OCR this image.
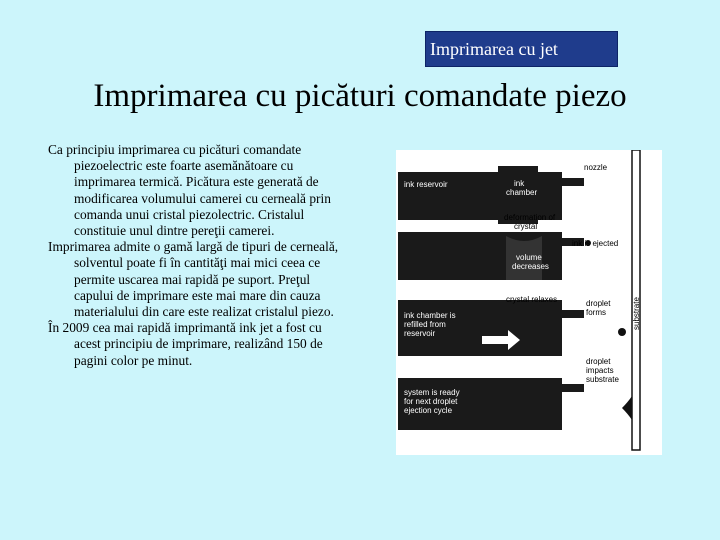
Imprimarea cu jet
Imprimarea cu picături comandate piezo

Ca principiu imprimarea cu picături comandate piezoelectric este foarte asemănătoare cu imprimarea termică. Picătura este generată de modificarea volumului camerei cu cerneală prin comanda unui cristal piezolectric. Cristalul constituie unul dintre pereţii camerei.

Imprimarea admite o gamă largă de tipuri de cerneală, solventul poate fi în cantităţi mai mici ceea ce permite uscarea mai rapidă pe suport. Preţul capului de imprimare este mai mare din cauza materialului din care este realizat cristalul piezo.

În 2009 cea mai rapidă imprimantă ink jet a fost cu acest principiu de imprimare, realizând 150 de pagini color pe minut.

nozzle
ink reservoir	ink chamber
deformation of crystal
ink is ejected
volume decreases
crystal relaxes	droplet forms
ink chamber is refilled from reservoir
droplet impacts substrate
system is ready for next droplet ejection cycle
substrate
